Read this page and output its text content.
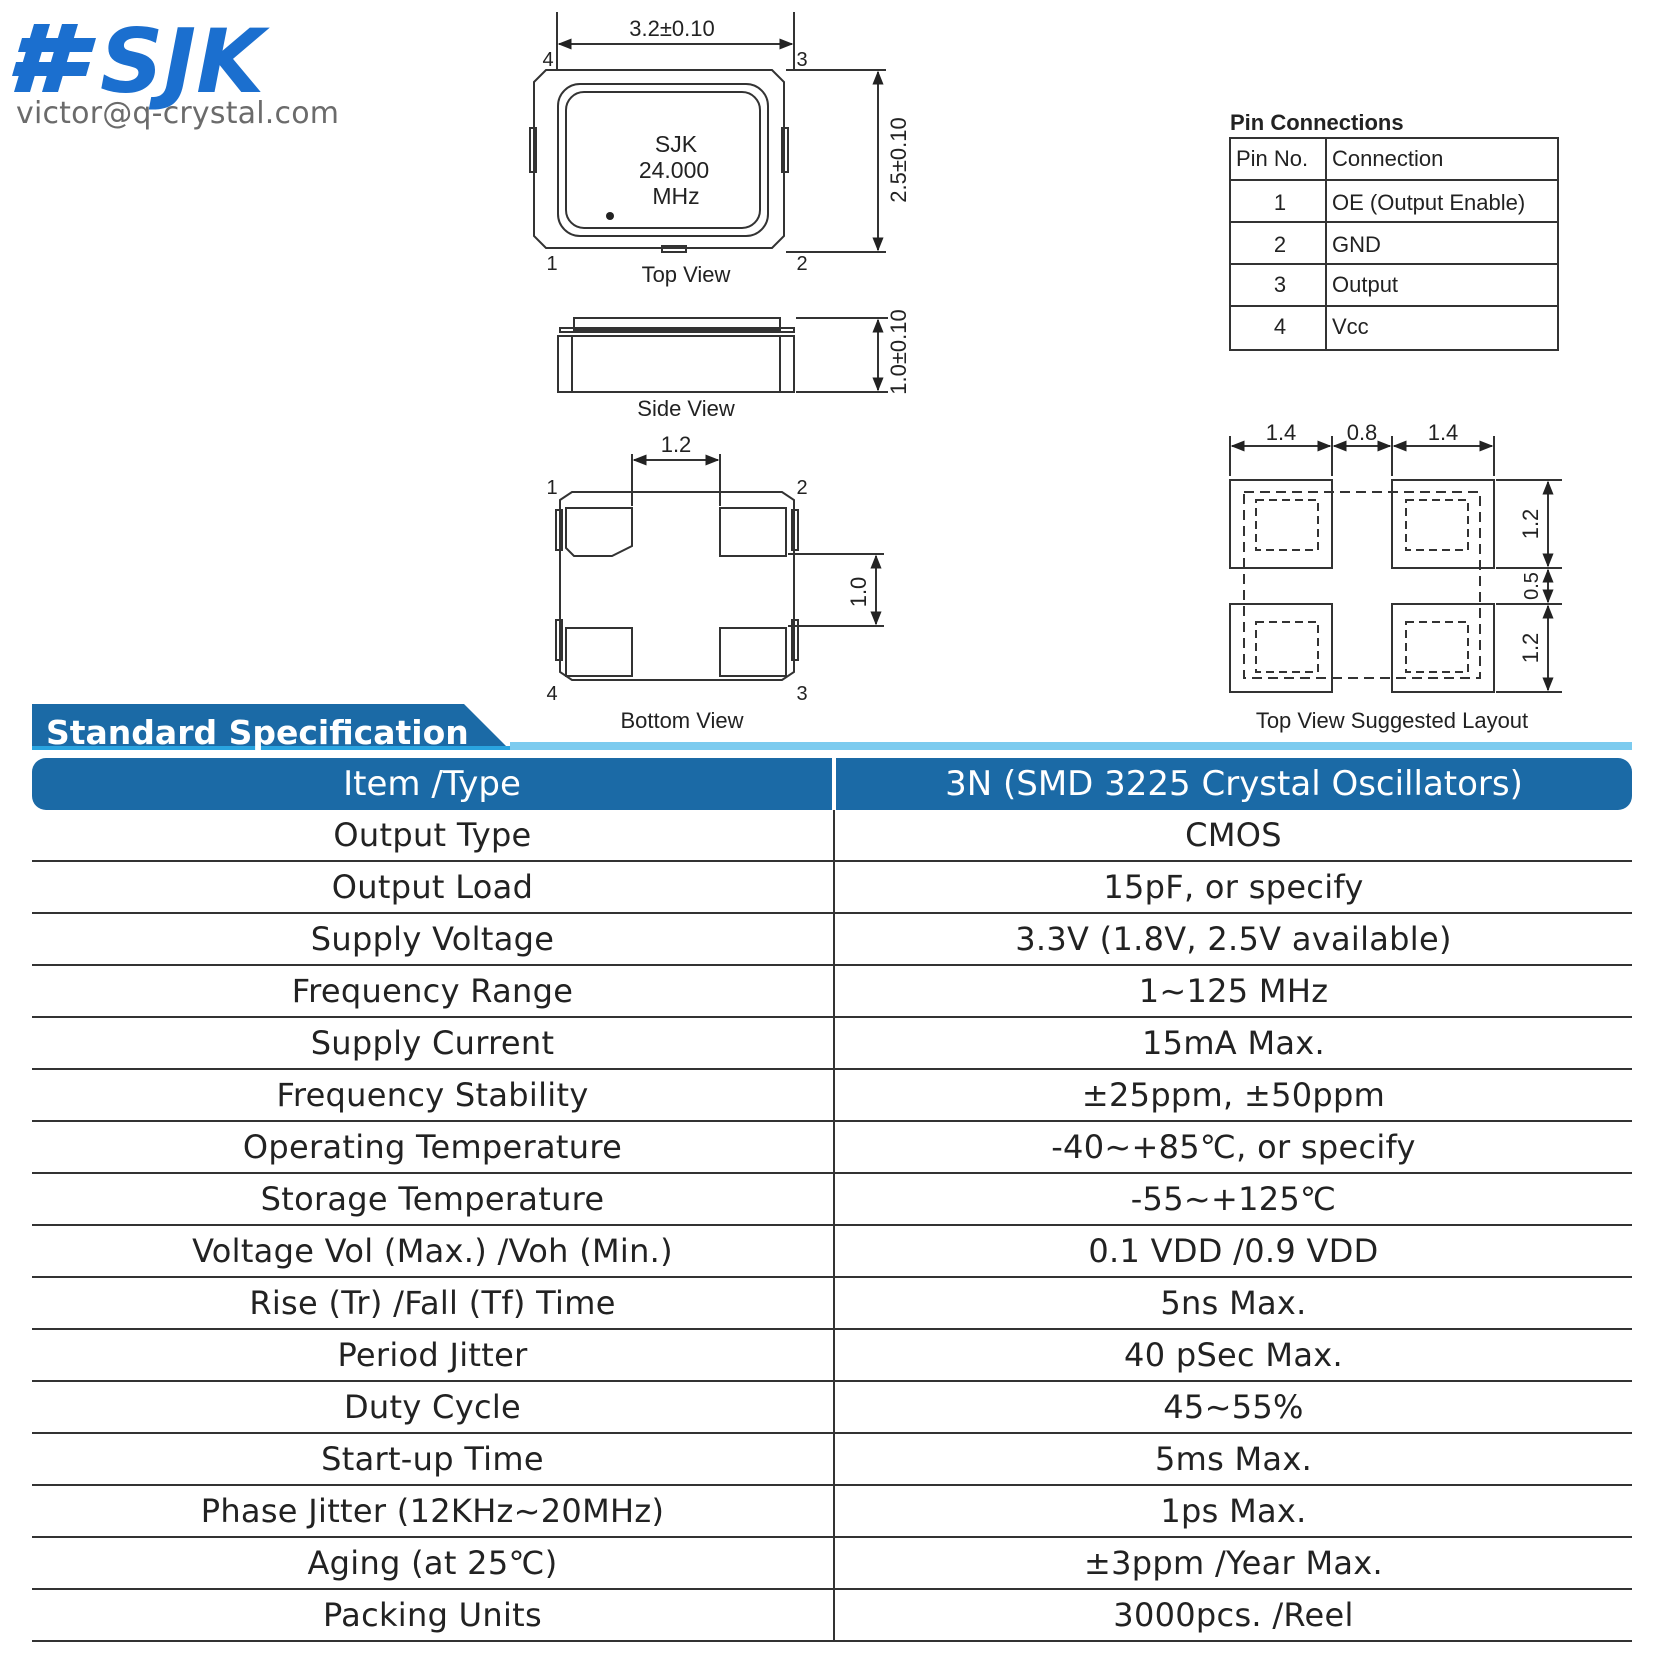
SJK	3.2±0.10
2.5±0.10
SJK
24.000
MHz
4	3
1	2
Top View
1.0±0.10
Side View
1.2
1.0
1	2
4	3
Bottom View
Pin Connections
Pin No. Connection
1 OE (Output Enable)
2 GND
3 Output
4 Vcc
1.4 0.8 1.4
1.2
0.5
1.2
Top View Suggested Layout
victor@q-crystal.com
Standard Specification
Item /Type	3N (SMD 3225 Crystal Oscillators)
Output Type	CMOS
Output Load	15pF, or specify
Supply Voltage	3.3V (1.8V, 2.5V available)
Frequency Range	1~125 MHz
Supply Current	15mA Max.
Frequency Stability	±25ppm, ±50ppm
Operating Temperature	-40~+85℃, or specify
Storage Temperature	-55~+125℃
Voltage Vol (Max.) /Voh (Min.)	0.1 VDD /0.9 VDD
Rise (Tr) /Fall (Tf) Time	5ns Max.
Period Jitter	40 pSec Max.
Duty Cycle	45~55%
Start-up Time	5ms Max.
Phase Jitter (12KHz~20MHz)	1ps Max.
Aging (at 25℃)	±3ppm /Year Max.
Packing Units	3000pcs. /Reel
